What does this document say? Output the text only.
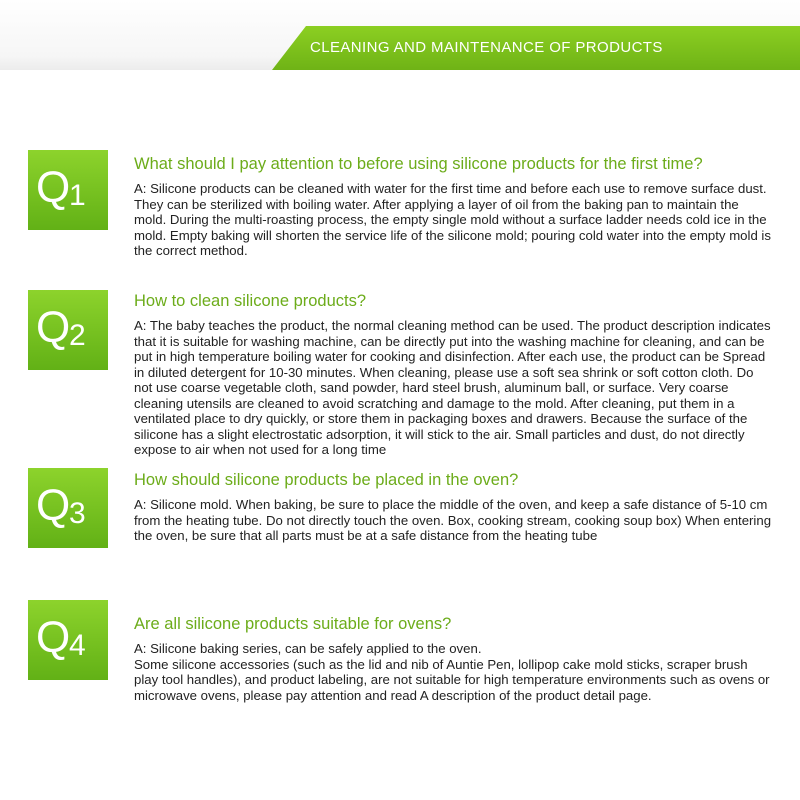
CLEANING AND MAINTENANCE OF PRODUCTS
Q
1
What should I pay attention to before using silicone products for the first time?
A: Silicone products can be cleaned with water for the first time and before each use to remove surface dust. They can be sterilized with boiling water. After applying a layer of oil from the baking pan to maintain the mold. During the multi-roasting process, the empty single mold without a surface ladder needs cold ice in the mold. Empty baking will shorten the service life of the silicone mold; pouring cold water into the empty mold is the correct method.
Q
2
How to clean silicone products?
A: The baby teaches the product, the normal cleaning method can be used. The product description indicates that it is suitable for washing machine, can be directly put into the washing machine for cleaning, and can be put in high temperature boiling water for cooking and disinfection. After each use, the product can be Spread in diluted detergent for 10-30 minutes. When cleaning, please use a soft sea shrink or soft cotton cloth. Do not use coarse vegetable cloth, sand powder, hard steel brush, aluminum ball, or surface. Very coarse cleaning utensils are cleaned to avoid scratching and damage to the mold. After cleaning, put them in a ventilated place to dry quickly, or store them in packaging boxes and drawers. Because the surface of the silicone has a slight electrostatic adsorption, it will stick to the air. Small particles and dust, do not directly expose to air when not used for a long time
Q
3
How should silicone products be placed in the oven?
A: Silicone mold. When baking, be sure to place the middle of the oven, and keep a safe distance of 5-10 cm from the heating tube. Do not directly touch the oven. Box, cooking stream, cooking soup box) When entering the oven, be sure that all parts must be at a safe distance from the heating tube
Q
4
Are all silicone products suitable for ovens?
A: Silicone baking series, can be safely applied to the oven.
Some silicone accessories (such as the lid and nib of Auntie Pen, lollipop cake mold sticks, scraper brush play tool handles), and product labeling, are not suitable for high temperature environments such as ovens or microwave ovens, please pay attention and read A description of the product detail page.
